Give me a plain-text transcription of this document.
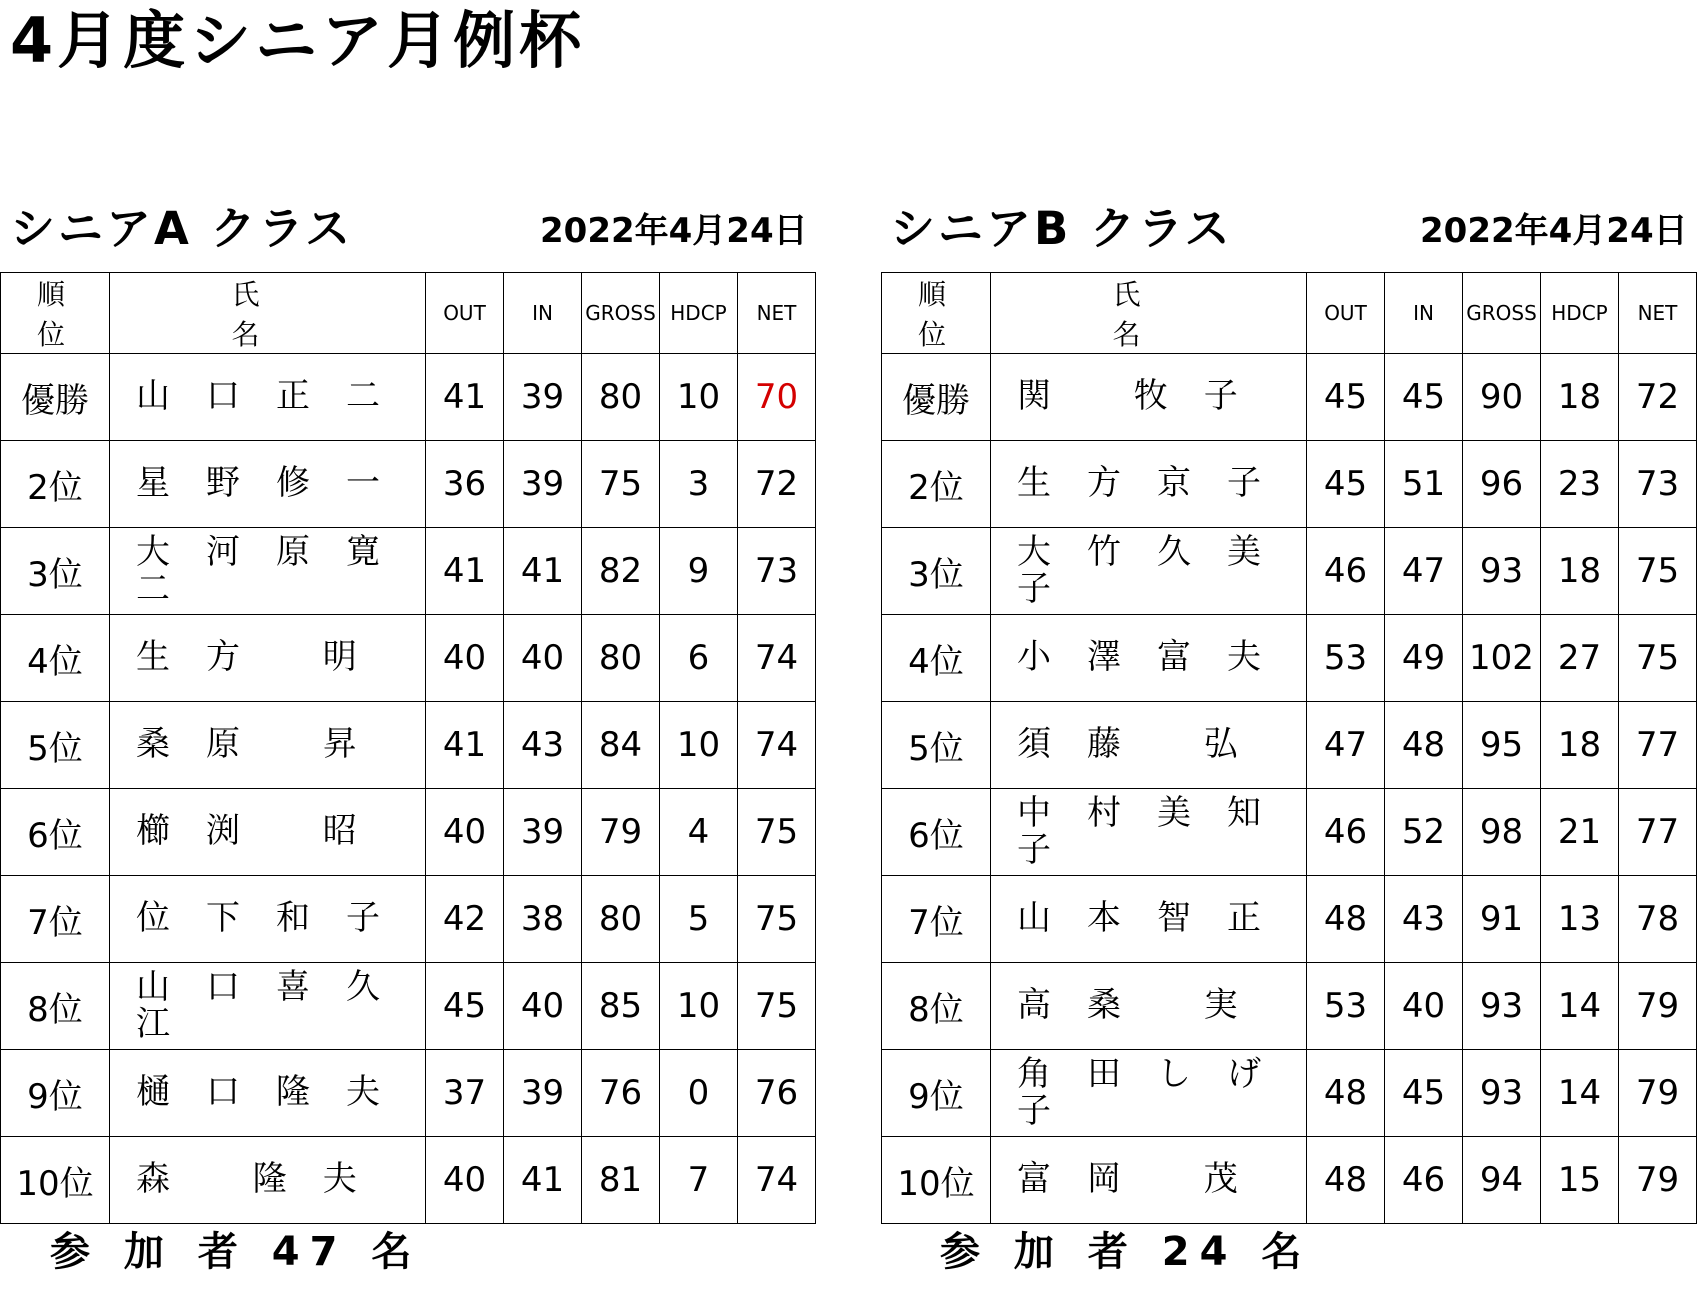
4月度シニア月例杯
シニアA クラス	2022年4月24日
順 位	氏 名	OUT	IN	GROSS	HDCP	NET
優勝	山口正二	41	39	80	10	70
2位	星野修一	36	39	75	3	72
3位	大河原寛二	41	41	82	9	73
4位	生方 明	40	40	80	6	74
5位	桑原 昇	41	43	84	10	74
6位	櫛渕 昭	40	39	79	4	75
7位	位下和子	42	38	80	5	75
8位	山口喜久江	45	40	85	10	75
9位	樋口隆夫	37	39	76	0	76
10位	森 隆夫	40	41	81	7	74
参 加 者 47 名
シニアB クラス	2022年4月24日
順 位	氏 名	OUT	IN	GROSS	HDCP	NET
優勝	関 牧子	45	45	90	18	72
2位	生方京子	45	51	96	23	73
3位	大竹久美子	46	47	93	18	75
4位	小澤富夫	53	49	102	27	75
5位	須藤 弘	47	48	95	18	77
6位	中村美知子	46	52	98	21	77
7位	山本智正	48	43	91	13	78
8位	高桑 実	53	40	93	14	79
9位	角田しげ子	48	45	93	14	79
10位	富岡 茂	48	46	94	15	79
参 加 者 24 名
